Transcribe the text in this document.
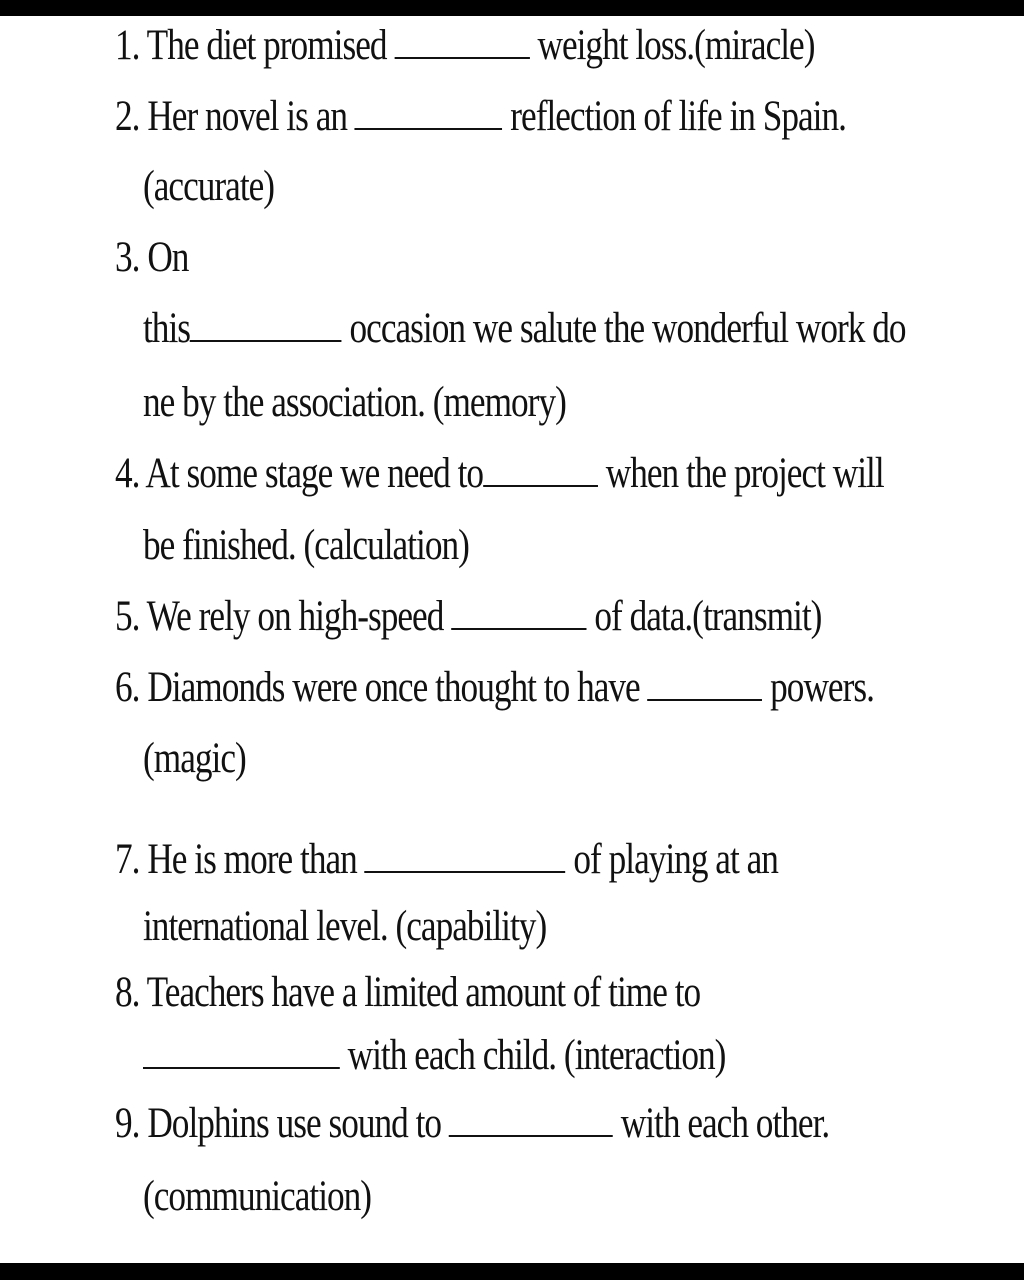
1. The diet promised	weight loss.(miracle)
2. Her novel is an	reflection of life in Spain.
(accurate)
3. On
this	occasion we salute the wonderful work do
ne by the association. (memory)
4. At some stage we need to	when the project will
be finished. (calculation)
5. We rely on high-speed	of data.(transmit)
6. Diamonds were once thought to have	powers.
(magic)
7. He is more than	of playing at an
international level. (capability)
8. Teachers have a limited amount of time to
with each child. (interaction)
9. Dolphins use sound to	with each other.
(communication)
